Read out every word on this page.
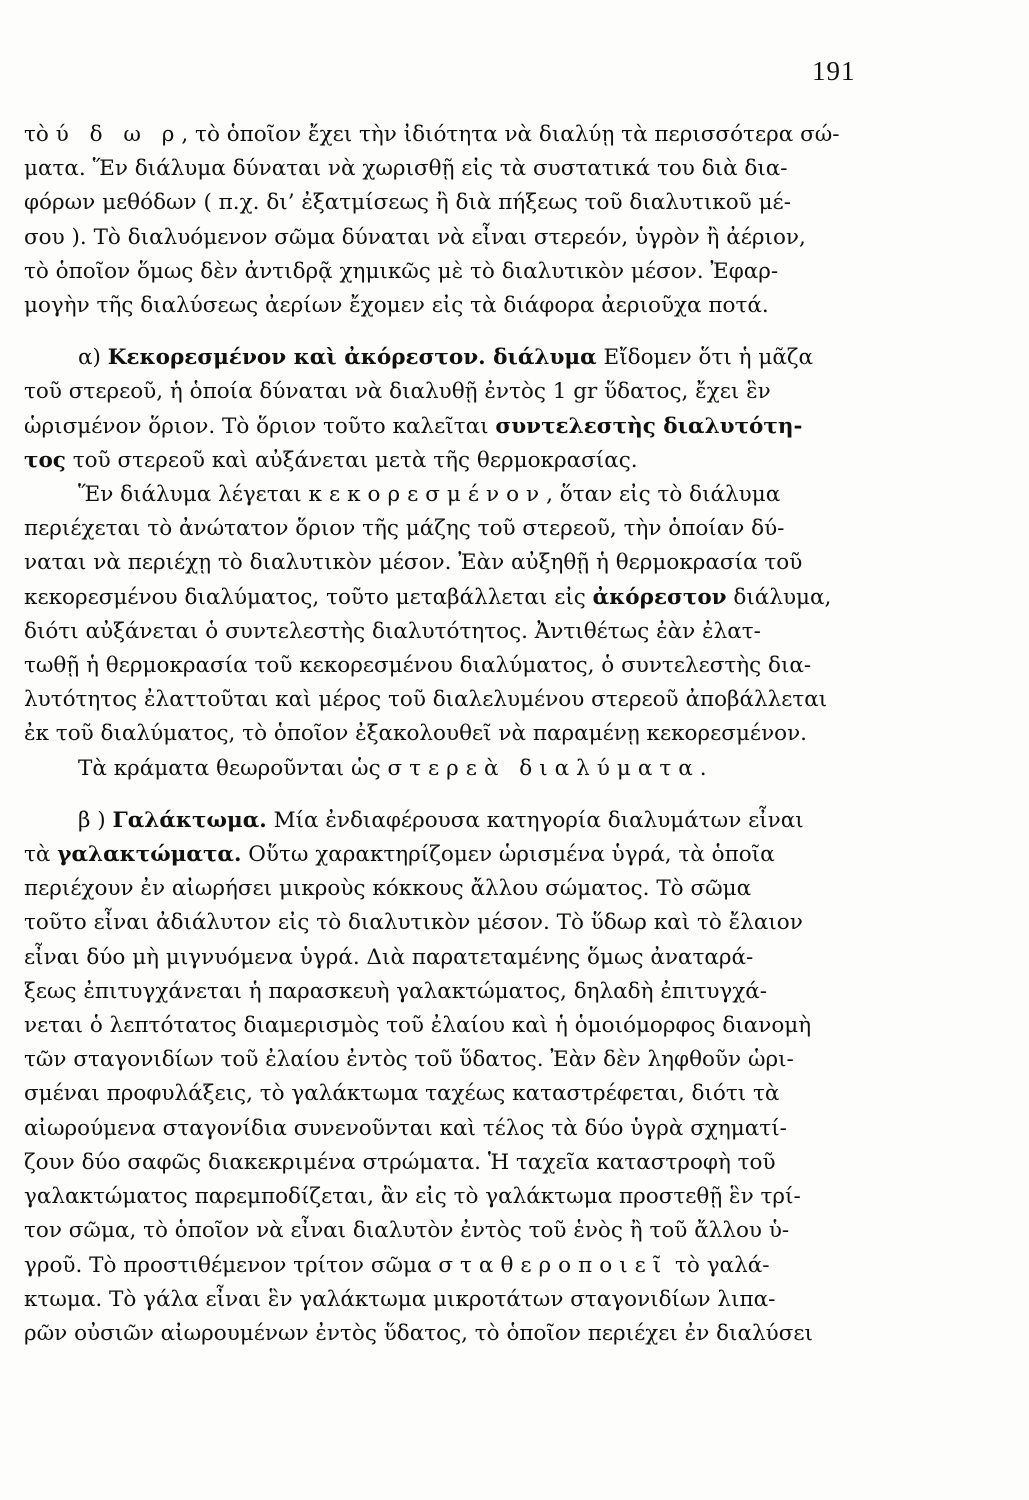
191
τὸ ύ δ ω ρ, τὸ ὁποῖον ἔχει τὴν ἰδιότητα νὰ διαλύῃ τὰ περισσότερα σώ-
ματα. Ἕν διάλυμα δύναται νὰ χωρισθῇ εἰς τὰ συστατικά του διὰ δια-
φόρων μεθόδων ( π.χ. δι’ ἐξατμίσεως ἢ διὰ πήξεως τοῦ διαλυτικοῦ μέ-
σου ). Τὸ διαλυόμενον σῶμα δύναται νὰ εἶναι στερεόν, ὑγρὸν ἢ ἀέριον,
τὸ ὁποῖον ὅμως δὲν ἀντιδρᾷ χημικῶς μὲ τὸ διαλυτικὸν μέσον. Ἐφαρ-
μογὴν τῆς διαλύσεως ἀερίων ἔχομεν εἰς τὰ διάφορα ἀεριοῦχα ποτά.
α) Κεκορεσμένον καὶ ἀκόρεστον. διάλυμα Εἴδομεν ὅτι ἡ μᾶζα
τοῦ στερεοῦ, ἡ ὁποία δύναται νὰ διαλυθῇ ἐντὸς 1 gr ὕδατος, ἔχει ἓν
ὡρισμένον ὅριον. Τὸ ὅριον τοῦτο καλεῖται συντελεστὴς διαλυτότη-
τος τοῦ στερεοῦ καὶ αὐξάνεται μετὰ τῆς θερμοκρασίας.
Ἕν διάλυμα λέγεται κεκορεσμένον, ὅταν εἰς τὸ διάλυμα
περιέχεται τὸ ἀνώτατον ὅριον τῆς μάζης τοῦ στερεοῦ, τὴν ὁποίαν δύ-
ναται νὰ περιέχῃ τὸ διαλυτικὸν μέσον. Ἐὰν αὐξηθῇ ἡ θερμοκρασία τοῦ
κεκορεσμένου διαλύματος, τοῦτο μεταβάλλεται εἰς ἀκόρεστον διάλυμα,
διότι αὐξάνεται ὁ συντελεστὴς διαλυτότητος. Ἀντιθέτως ἐὰν ἐλατ-
τωθῇ ἡ θερμοκρασία τοῦ κεκορεσμένου διαλύματος, ὁ συντελεστὴς δια-
λυτότητος ἐλαττοῦται καὶ μέρος τοῦ διαλελυμένου στερεοῦ ἀποβάλλεται
ἐκ τοῦ διαλύματος, τὸ ὁποῖον ἐξακολουθεῖ νὰ παραμένῃ κεκορεσμένον.
Τὰ κράματα θεωροῦνται ὡς στερεὰ διαλύματα.
β ) Γαλάκτωμα. Μία ἐνδιαφέρουσα κατηγορία διαλυμάτων εἶναι
τὰ γαλακτώματα. Οὕτω χαρακτηρίζομεν ὡρισμένα ὑγρά, τὰ ὁποῖα
περιέχουν ἐν αἰωρήσει μικροὺς κόκκους ἄλλου σώματος. Τὸ σῶμα
τοῦτο εἶναι ἀδιάλυτον εἰς τὸ διαλυτικὸν μέσον. Τὸ ὕδωρ καὶ τὸ ἔλαιον
εἶναι δύο μὴ μιγνυόμενα ὑγρά. Διὰ παρατεταμένης ὅμως ἀναταρά-
ξεως ἐπιτυγχάνεται ἡ παρασκευὴ γαλακτώματος, δηλαδὴ ἐπιτυγχά-
νεται ὁ λεπτότατος διαμερισμὸς τοῦ ἐλαίου καὶ ἡ ὁμοιόμορφος διανομὴ
τῶν σταγονιδίων τοῦ ἐλαίου ἐντὸς τοῦ ὕδατος. Ἐὰν δὲν ληφθοῦν ὡρι-
σμέναι προφυλάξεις, τὸ γαλάκτωμα ταχέως καταστρέφεται, διότι τὰ
αἰωρούμενα σταγονίδια συνενοῦνται καὶ τέλος τὰ δύο ὑγρὰ σχηματί-
ζουν δύο σαφῶς διακεκριμένα στρώματα. Ἡ ταχεῖα καταστροφὴ τοῦ
γαλακτώματος παρεμποδίζεται, ἂν εἰς τὸ γαλάκτωμα προστεθῇ ἓν τρί-
τον σῶμα, τὸ ὁποῖον νὰ εἶναι διαλυτὸν ἐντὸς τοῦ ἑνὸς ἢ τοῦ ἄλλου ὑ-
γροῦ. Τὸ προστιθέμενον τρίτον σῶμα σταθεροποιεῖ τὸ γαλά-
κτωμα. Τὸ γάλα εἶναι ἓν γαλάκτωμα μικροτάτων σταγονιδίων λιπα-
ρῶν οὐσιῶν αἰωρουμένων ἐντὸς ὕδατος, τὸ ὁποῖον περιέχει ἐν διαλύσει
